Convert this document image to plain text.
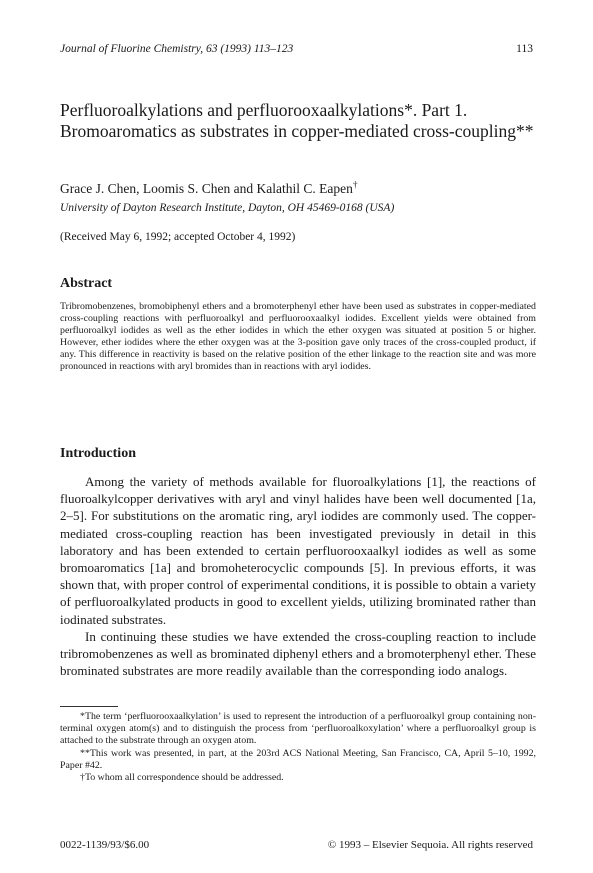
Journal of Fluorine Chemistry, 63 (1993) 113–123	113
Perfluoroalkylations and perfluorooxaalkylations*. Part 1. Bromoaromatics as substrates in copper-mediated cross-coupling**
Grace J. Chen, Loomis S. Chen and Kalathil C. Eapen†
University of Dayton Research Institute, Dayton, OH 45469-0168 (USA)
(Received May 6, 1992; accepted October 4, 1992)
Abstract
Tribromobenzenes, bromobiphenyl ethers and a bromoterphenyl ether have been used as substrates in copper-mediated cross-coupling reactions with perfluoroalkyl and perfluorooxaalkyl iodides. Excellent yields were obtained from perfluoroalkyl iodides as well as the ether iodides in which the ether oxygen was situated at position 5 or higher. However, ether iodides where the ether oxygen was at the 3-position gave only traces of the cross-coupled product, if any. This difference in reactivity is based on the relative position of the ether linkage to the reaction site and was more pronounced in reactions with aryl bromides than in reactions with aryl iodides.
Introduction

Among the variety of methods available for fluoroalkylations [1], the reactions of fluoroalkylcopper derivatives with aryl and vinyl halides have been well documented [1a, 2–5]. For substitutions on the aromatic ring, aryl iodides are commonly used. The copper-mediated cross-coupling reaction has been investigated previously in detail in this laboratory and has been extended to certain perfluorooxaalkyl iodides as well as some bromoaromatics [1a] and bromoheterocyclic compounds [5]. In previous efforts, it was shown that, with proper control of experimental conditions, it is possible to obtain a variety of perfluoroalkylated products in good to excellent yields, utilizing brominated rather than iodinated substrates.

In continuing these studies we have extended the cross-coupling reaction to include tribromobenzenes as well as brominated diphenyl ethers and a bromoterphenyl ether. These brominated substrates are more readily available than the corresponding iodo analogs.

*The term ‘perfluorooxaalkylation’ is used to represent the introduction of a perfluoroalkyl group containing non-terminal oxygen atom(s) and to distinguish the process from ‘perfluoroalkoxylation’ where a perfluoroalkyl group is attached to the substrate through an oxygen atom.

**This work was presented, in part, at the 203rd ACS National Meeting, San Francisco, CA, April 5–10, 1992, Paper #42.

†To whom all correspondence should be addressed.

0022-1139/93/$6.00	© 1993 – Elsevier Sequoia. All rights reserved
